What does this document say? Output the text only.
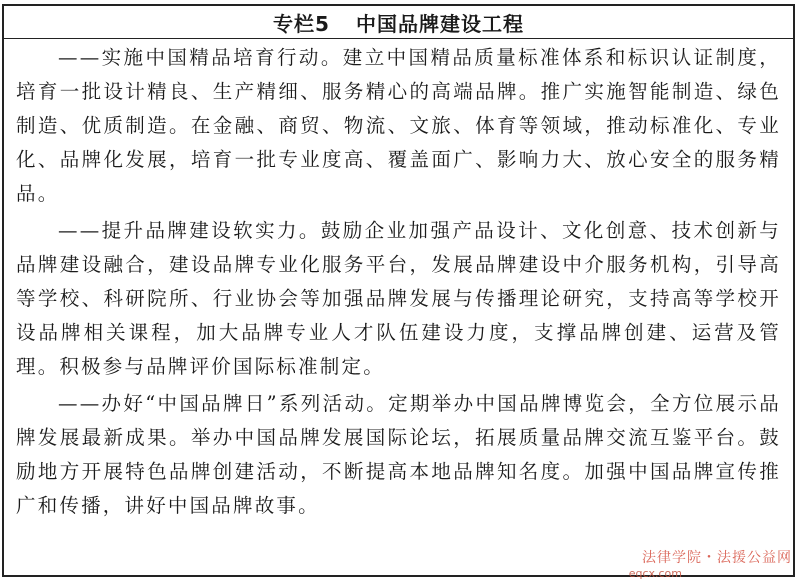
专栏5 中国品牌建设工程

——实施中国精品培育行动。建立中国精品质量标准体系和标识认证制度，培育一批设计精良、生产精细、服务精心的高端品牌。推广实施智能制造、绿色制造、优质制造。在金融、商贸、物流、文旅、体育等领域，推动标准化、专业化、品牌化发展，培育一批专业度高、覆盖面广、影响力大、放心安全的服务精品。

——提升品牌建设软实力。鼓励企业加强产品设计、文化创意、技术创新与品牌建设融合，建设品牌专业化服务平台，发展品牌建设中介服务机构，引导高等学校、科研院所、行业协会等加强品牌发展与传播理论研究，支持高等学校开设品牌相关课程，加大品牌专业人才队伍建设力度，支撑品牌创建、运营及管理。积极参与品牌评价国际标准制定。

——办好“中国品牌日”系列活动。定期举办中国品牌博览会，全方位展示品牌发展最新成果。举办中国品牌发展国际论坛，拓展质量品牌交流互鉴平台。鼓励地方开展特色品牌创建活动，不断提高本地品牌知名度。加强中国品牌宣传推广和传播，讲好中国品牌故事。

法律学院・法援公益网
eqcx.com
